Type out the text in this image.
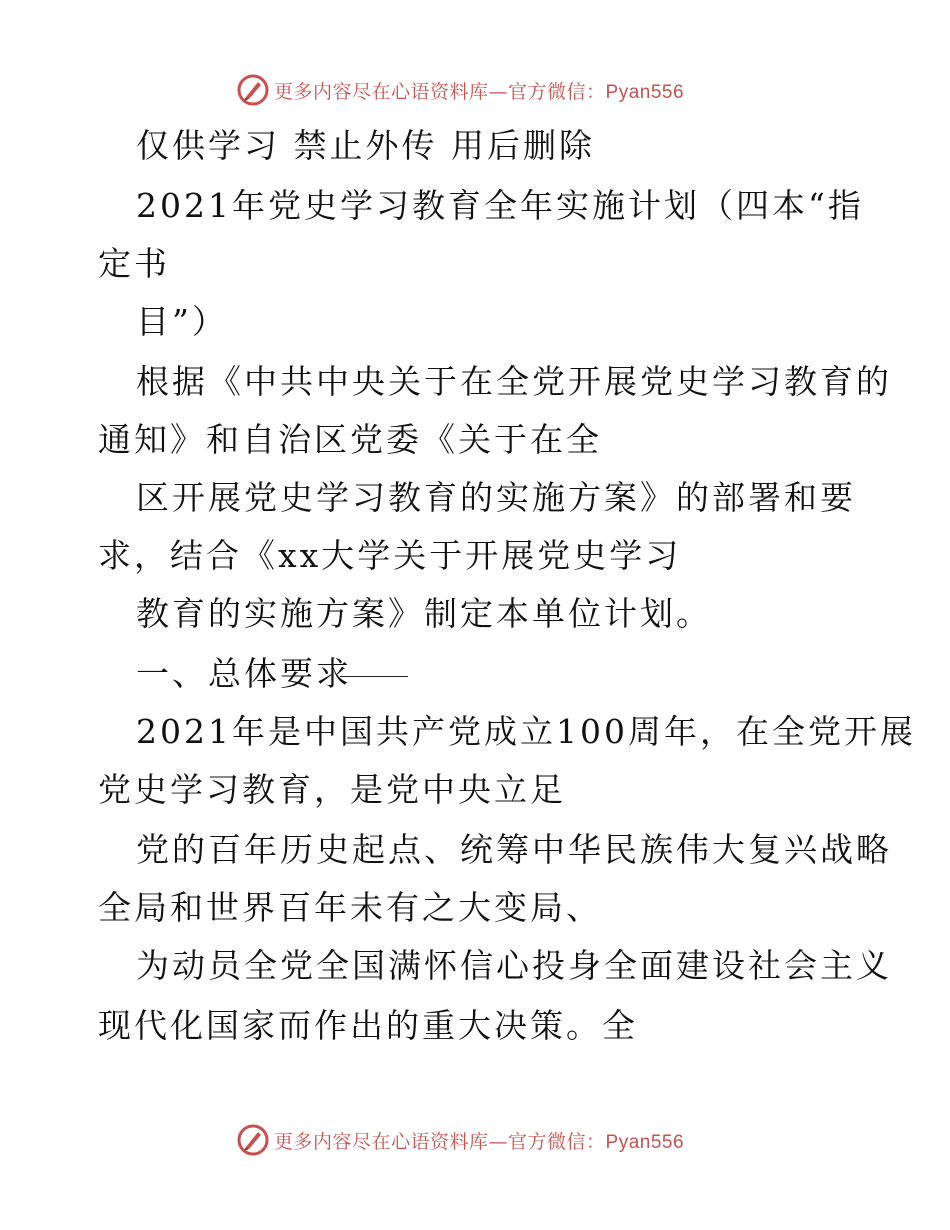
更多内容尽在心语资料库—官方微信：Pyan556
仅供学习 禁止外传 用后删除
2021年党史学习教育全年实施计划（四本“指
定书
目”）
根据《中共中央关于在全党开展党史学习教育的
通知》和自治区党委《关于在全
区开展党史学习教育的实施方案》的部署和要
求，结合《xx大学关于开展党史学习
教育的实施方案》制定本单位计划。
一、总体要求
2021年是中国共产党成立100周年，在全党开展
党史学习教育，是党中央立足
党的百年历史起点、统筹中华民族伟大复兴战略
全局和世界百年未有之大变局、
为动员全党全国满怀信心投身全面建设社会主义
现代化国家而作出的重大决策。全
更多内容尽在心语资料库—官方微信：Pyan556
